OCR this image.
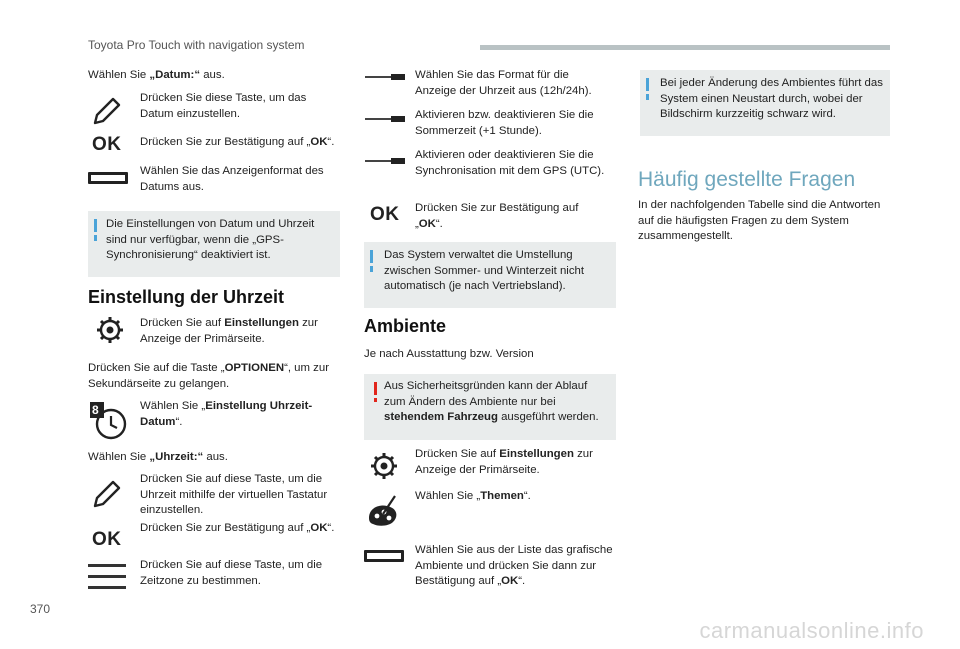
Toyota Pro Touch with navigation system
Wählen Sie „Datum:“ aus.
Drücken Sie diese Taste, um das Datum einzustellen.
OK Drücken Sie zur Bestätigung auf „OK“.
Wählen Sie das Anzeigenformat des Datums aus.
Die Einstellungen von Datum und Uhrzeit sind nur verfügbar, wenn die „GPS-Synchronisierung“ deaktiviert ist.
Einstellung der Uhrzeit
Drücken Sie auf Einstellungen zur Anzeige der Primärseite.
Drücken Sie auf die Taste „OPTIONEN“, um zur Sekundärseite zu gelangen.
8	Wählen Sie „Einstellung Uhrzeit-Datum“.
Wählen Sie „Uhrzeit:“ aus.
Drücken Sie auf diese Taste, um die Uhrzeit mithilfe der virtuellen Tastatur einzustellen.
OK
Drücken Sie zur Bestätigung auf „OK“.
Drücken Sie auf diese Taste, um die Zeitzone zu bestimmen.
Wählen Sie das Format für die Anzeige der Uhrzeit aus (12h/24h).
Aktivieren bzw. deaktivieren Sie die Sommerzeit (+1 Stunde).
Aktivieren oder deaktivieren Sie die Synchronisation mit dem GPS (UTC).
OK Drücken Sie zur Bestätigung auf „OK“.
Das System verwaltet die Umstellung zwischen Sommer- und Winterzeit nicht automatisch (je nach Vertriebsland).
Ambiente
Je nach Ausstattung bzw. Version
Aus Sicherheitsgründen kann der Ablauf zum Ändern des Ambiente nur bei stehendem Fahrzeug ausgeführt werden.
Drücken Sie auf Einstellungen zur Anzeige der Primärseite.
Wählen Sie „Themen“.
Wählen Sie aus der Liste das grafische Ambiente und drücken Sie dann zur Bestätigung auf „OK“.
Bei jeder Änderung des Ambientes führt das System einen Neustart durch, wobei der Bildschirm kurzzeitig schwarz wird.
Häufig gestellte Fragen
In der nachfolgenden Tabelle sind die Antworten auf die häufigsten Fragen zu dem System zusammengestellt.
370
carmanualsonline.info
